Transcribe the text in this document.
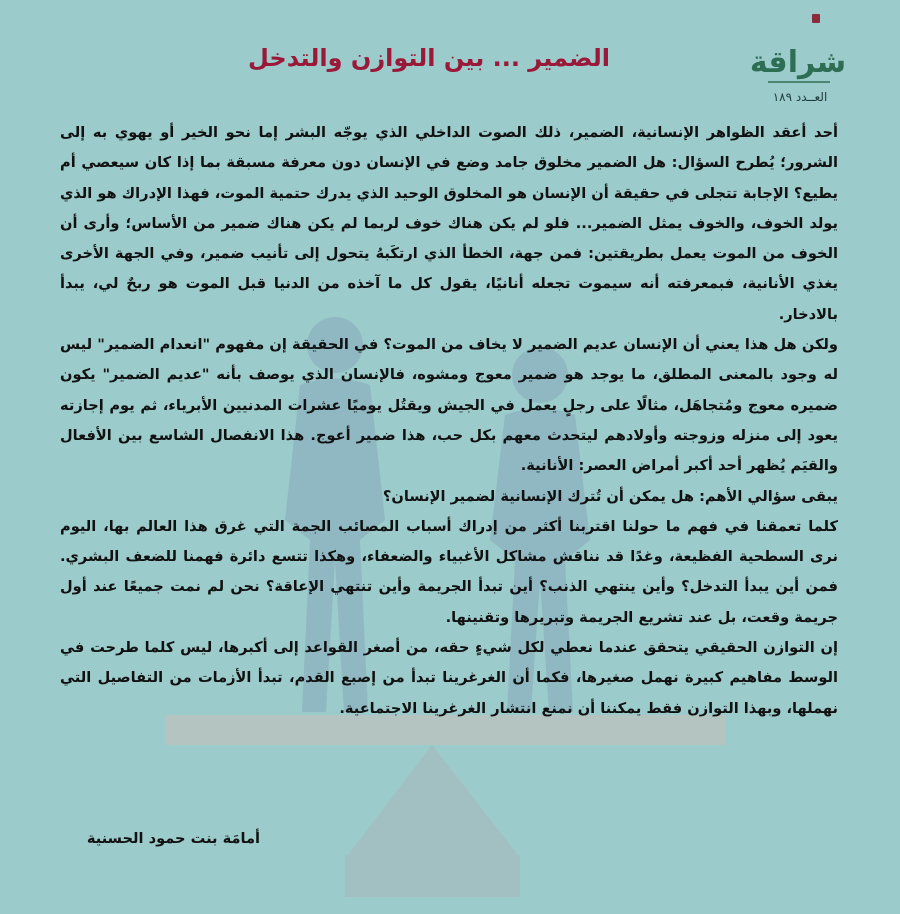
الضمير ... بين التوازن والتدخل	شراقة
العــدد ١٨٩

أحد أعقد الظواهر الإنسانية، الضمير، ذلك الصوت الداخلي الذي يوجّه البشر إما نحو الخير أو يهوي به إلى الشرور؛ يُطرح السؤال: هل الضمير مخلوق جامد وضع في الإنسان دون معرفة مسبقة بما إذا كان سيعصي أم يطيع؟ الإجابة تتجلى في حقيقة أن الإنسان هو المخلوق الوحيد الذي يدرك حتمية الموت، فهذا الإدراك هو الذي يولد الخوف، والخوف يمثل الضمير... فلو لم يكن هناك خوف لربما لم يكن هناك ضمير من الأساس؛ وأرى أن الخوف من الموت يعمل بطريقتين: فمن جهة، الخطأ الذي ارتكَبهُ يتحول إلى تأنيب ضمير، وفي الجهة الأخرى يغذي الأنانية، فبمعرفته أنه سيموت تجعله أنانيًا، يقول كل ما آخذه من الدنيا قبل الموت هو ربحٌ لي، يبدأ بالادخار.

ولكن هل هذا يعني أن الإنسان عديم الضمير لا يخاف من الموت؟ في الحقيقة إن مفهوم "انعدام الضمير" ليس له وجود بالمعنى المطلق، ما يوجد هو ضمير معوج ومشوه، فالإنسان الذي يوصف بأنه "عديم الضمير" يكون ضميره معوج ومُتجاهَل، مثالًا على رجلٍ يعمل في الجيش ويقتُل يوميًا عشرات المدنيين الأبرياء، ثم يوم إجازته يعود إلى منزله وزوجته وأولادهم ليتحدث معهم بكل حب، هذا ضمير أعوج. هذا الانفصال الشاسع بين الأفعال والقيَم يُظهر أحد أكبر أمراض العصر: الأنانية.

يبقى سؤالي الأهم: هل يمكن أن تُترك الإنسانية لضمير الإنسان؟

كلما تعمقنا في فهم ما حولنا اقتربنا أكثر من إدراك أسباب المصائب الجمة التي غرق هذا العالم بها، اليوم نرى السطحية الفظيعة، وغدًا قد نناقش مشاكل الأغبياء والضعفاء، وهكذا تتسع دائرة فهمنا للضعف البشري. فمن أين يبدأ التدخل؟ وأين ينتهي الذنب؟ أين تبدأ الجريمة وأين تنتهي الإعاقة؟ نحن لم نمت جميعًا عند أول جريمة وقعت، بل عند تشريع الجريمة وتبريرها وتقنينها.

إن التوازن الحقيقي يتحقق عندما نعطي لكل شيءٍ حقه، من أصغر القواعد إلى أكبرها، ليس كلما طرحت في الوسط مفاهيم كبيرة نهمل صغيرها، فكما أن الغرغرينا تبدأ من إصبع القدم، تبدأ الأزمات من التفاصيل التي نهملها، وبهذا التوازن فقط يمكننا أن نمنع انتشار الغرغرينا الاجتماعية.

أمامَة بنت حمود الحسنية
